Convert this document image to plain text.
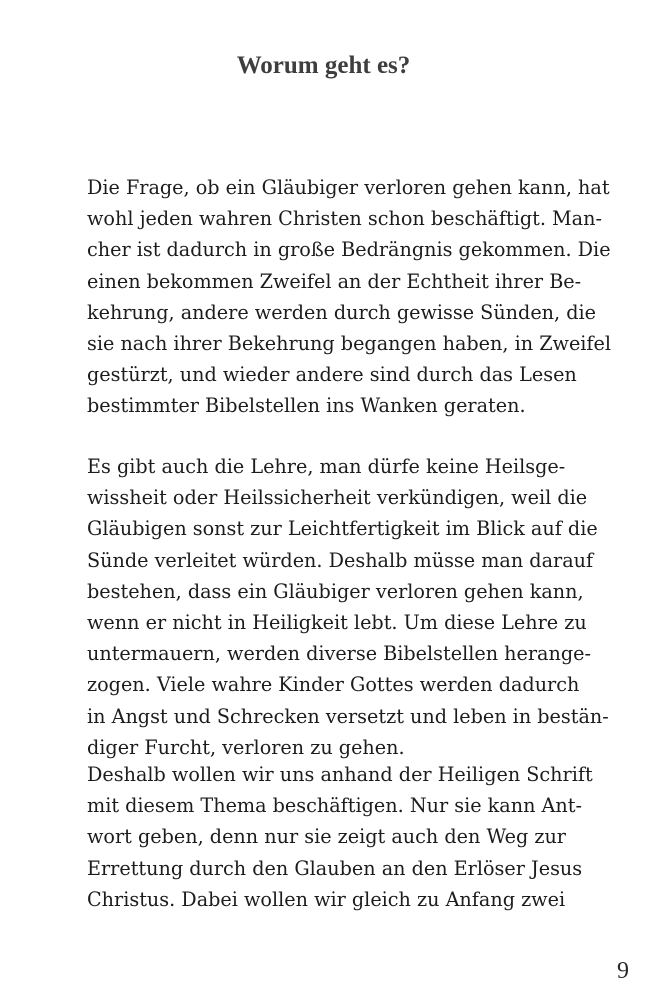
Worum geht es?
Die Frage, ob ein Gläubiger verloren gehen kann, hat
wohl jeden wahren Christen schon beschäftigt. Man-
cher ist dadurch in große Bedrängnis gekommen. Die
einen bekommen Zweifel an der Echtheit ihrer Be-
kehrung, andere werden durch gewisse Sünden, die
sie nach ihrer Bekehrung begangen haben, in Zweifel
gestürzt, und wieder andere sind durch das Lesen
bestimmter Bibelstellen ins Wanken geraten.
Es gibt auch die Lehre, man dürfe keine Heilsge-
wissheit oder Heilssicherheit verkündigen, weil die
Gläubigen sonst zur Leichtfertigkeit im Blick auf die
Sünde verleitet würden. Deshalb müsse man darauf
bestehen, dass ein Gläubiger verloren gehen kann,
wenn er nicht in Heiligkeit lebt. Um diese Lehre zu
untermauern, werden diverse Bibelstellen herange-
zogen. Viele wahre Kinder Gottes werden dadurch
in Angst und Schrecken versetzt und leben in bestän-
diger Furcht, verloren zu gehen.
Deshalb wollen wir uns anhand der Heiligen Schrift
mit diesem Thema beschäftigen. Nur sie kann Ant-
wort geben, denn nur sie zeigt auch den Weg zur
Errettung durch den Glauben an den Erlöser Jesus
Christus. Dabei wollen wir gleich zu Anfang zwei
9
